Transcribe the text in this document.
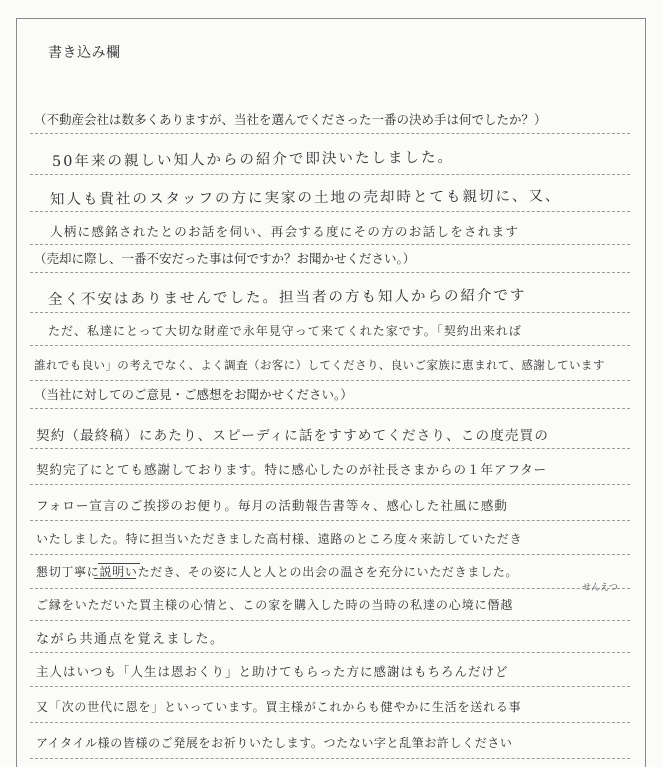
書き込み欄
（不動産会社は数多くありますが、当社を選んでくださった一番の決め手は何でしたか？）
50年来の親しい知人からの紹介で即決いたしました。
知人も貴社のスタッフの方に実家の土地の売却時とても親切に、又、
人柄に感銘されたとのお話を伺い、再会する度にその方のお話しをされます
（売却に際し、一番不安だった事は何ですか？お聞かせください。）
全く不安はありませんでした。担当者の方も知人からの紹介です
ただ、私達にとって大切な財産で永年見守って来てくれた家です。「契約出来れば
誰れでも良い」の考えでなく、よく調査（お客に）してくださり、良いご家族に恵まれて、感謝しています
（当社に対してのご意見・ご感想をお聞かせください。）
契約（最終稿）にあたり、スピーディに話をすすめてくださり、この度売買の
契約完了にとても感謝しております。特に感心したのが社長さまからの１年アフター
フォロー宣言のご挨拶のお便り。毎月の活動報告書等々、感心した社風に感動
いたしました。特に担当いただきました高村様、遠路のところ度々来訪していただき
懇切丁寧に説明いただき、その姿に人と人との出会の温さを充分にいただきました。
せんえつ
ご縁をいただいた買主様の心情と、この家を購入した時の当時の私達の心境に僭越
ながら共通点を覚えました。
主人はいつも「人生は恩おくり」と助けてもらった方に感謝はもちろんだけど
又「次の世代に恩を」といっています。買主様がこれからも健やかに生活を送れる事
アイタイル様の皆様のご発展をお祈りいたします。つたない字と乱筆お許しください
